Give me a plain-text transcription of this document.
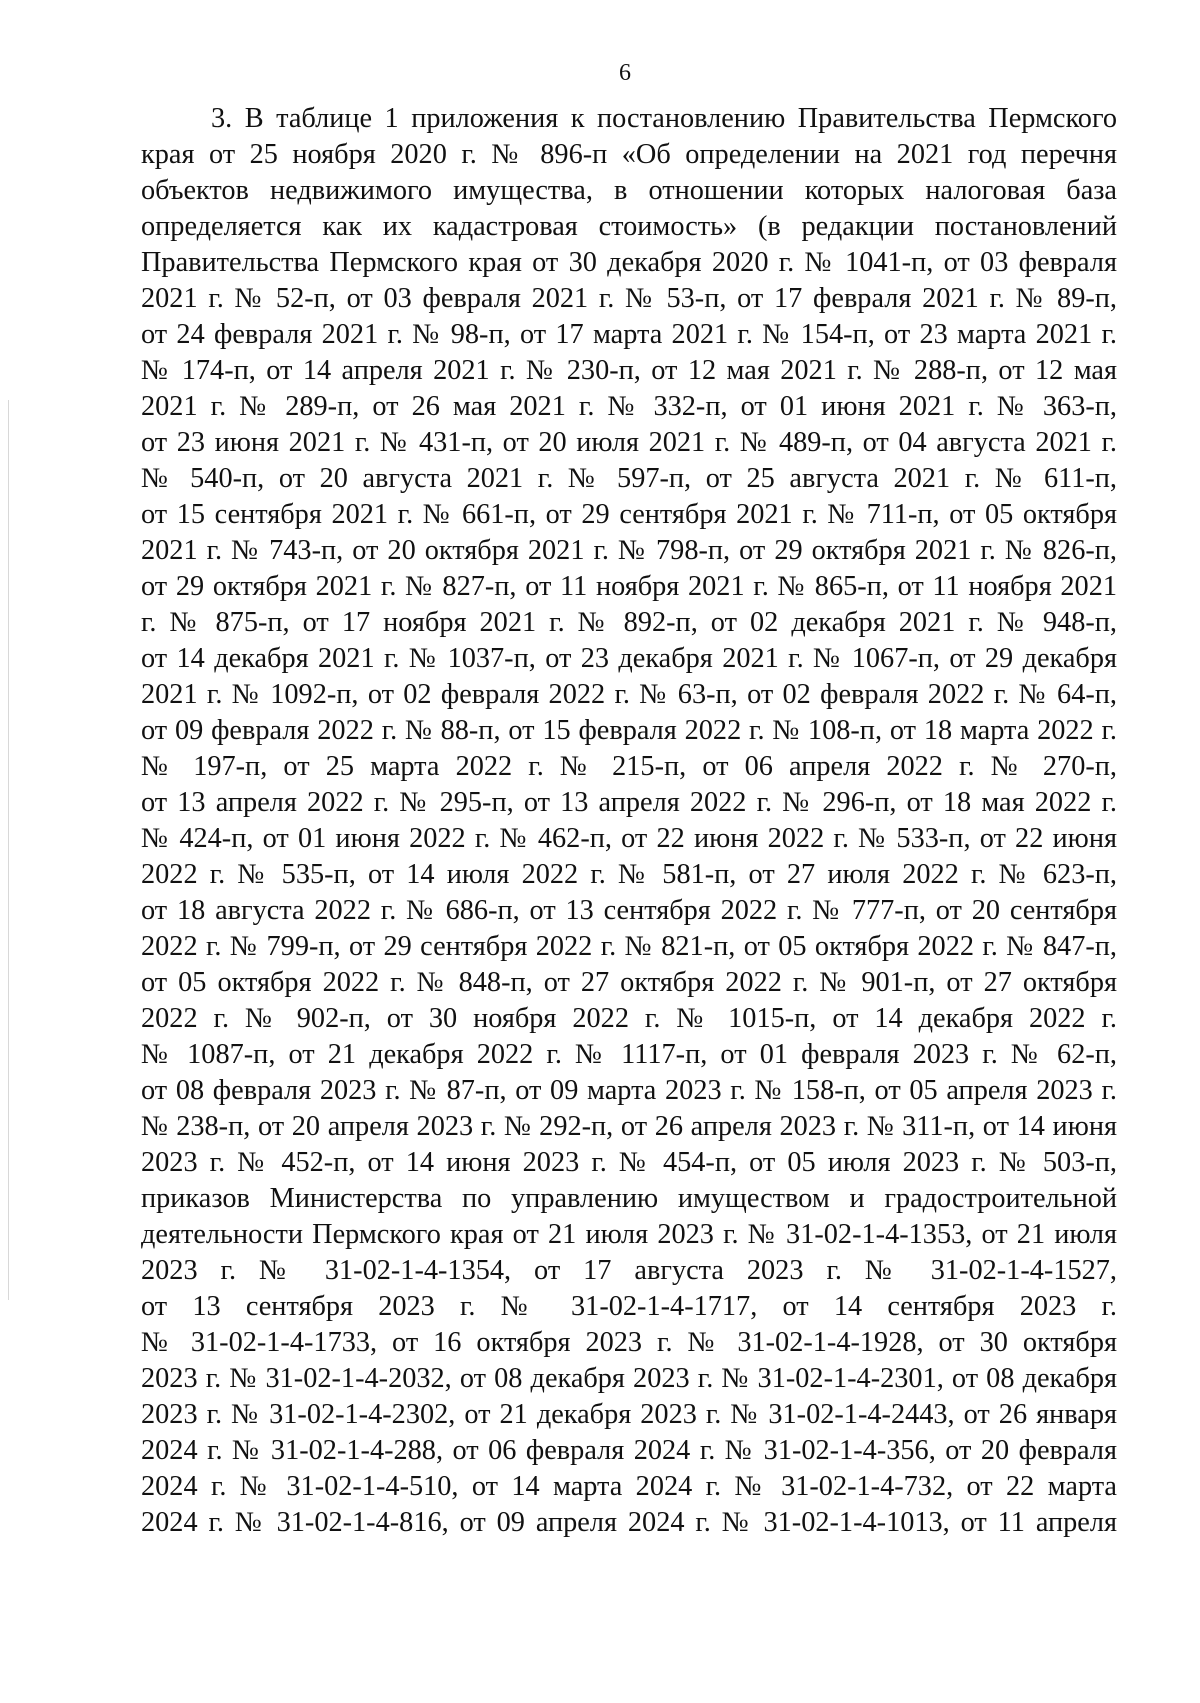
6
3. В таблице 1 приложения к постановлению Правительства Пермского
края от 25 ноября 2020 г. № 896-п «Об определении на 2021 год перечня
объектов недвижимого имущества, в отношении которых налоговая база
определяется как их кадастровая стоимость» (в редакции постановлений
Правительства Пермского края от 30 декабря 2020 г. № 1041-п, от 03 февраля
2021 г. № 52-п, от 03 февраля 2021 г. № 53-п, от 17 февраля 2021 г. № 89-п,
от 24 февраля 2021 г. № 98-п, от 17 марта 2021 г. № 154-п, от 23 марта 2021 г.
№ 174-п, от 14 апреля 2021 г. № 230-п, от 12 мая 2021 г. № 288-п, от 12 мая
2021 г. № 289-п, от 26 мая 2021 г. № 332-п, от 01 июня 2021 г. № 363-п,
от 23 июня 2021 г. № 431-п, от 20 июля 2021 г. № 489-п, от 04 августа 2021 г.
№ 540-п, от 20 августа 2021 г. № 597-п, от 25 августа 2021 г. № 611-п,
от 15 сентября 2021 г. № 661-п, от 29 сентября 2021 г. № 711-п, от 05 октября
2021 г. № 743-п, от 20 октября 2021 г. № 798-п, от 29 октября 2021 г. № 826-п,
от 29 октября 2021 г. № 827-п, от 11 ноября 2021 г. № 865-п, от 11 ноября 2021
г. № 875-п, от 17 ноября 2021 г. № 892-п, от 02 декабря 2021 г. № 948-п,
от 14 декабря 2021 г. № 1037-п, от 23 декабря 2021 г. № 1067-п, от 29 декабря
2021 г. № 1092-п, от 02 февраля 2022 г. № 63-п, от 02 февраля 2022 г. № 64-п,
от 09 февраля 2022 г. № 88-п, от 15 февраля 2022 г. № 108-п, от 18 марта 2022 г.
№ 197-п, от 25 марта 2022 г. № 215-п, от 06 апреля 2022 г. № 270-п,
от 13 апреля 2022 г. № 295-п, от 13 апреля 2022 г. № 296-п, от 18 мая 2022 г.
№ 424-п, от 01 июня 2022 г. № 462-п, от 22 июня 2022 г. № 533-п, от 22 июня
2022 г. № 535-п, от 14 июля 2022 г. № 581-п, от 27 июля 2022 г. № 623-п,
от 18 августа 2022 г. № 686-п, от 13 сентября 2022 г. № 777-п, от 20 сентября
2022 г. № 799-п, от 29 сентября 2022 г. № 821-п, от 05 октября 2022 г. № 847-п,
от 05 октября 2022 г. № 848-п, от 27 октября 2022 г. № 901-п, от 27 октября
2022 г. № 902-п, от 30 ноября 2022 г. № 1015-п, от 14 декабря 2022 г.
№ 1087-п, от 21 декабря 2022 г. № 1117-п, от 01 февраля 2023 г. № 62-п,
от 08 февраля 2023 г. № 87-п, от 09 марта 2023 г. № 158-п, от 05 апреля 2023 г.
№ 238-п, от 20 апреля 2023 г. № 292-п, от 26 апреля 2023 г. № 311-п, от 14 июня
2023 г. № 452-п, от 14 июня 2023 г. № 454-п, от 05 июля 2023 г. № 503-п,
приказов Министерства по управлению имуществом и градостроительной
деятельности Пермского края от 21 июля 2023 г. № 31-02-1-4-1353, от 21 июля
2023 г. № 31-02-1-4-1354, от 17 августа 2023 г. № 31-02-1-4-1527,
от 13 сентября 2023 г. № 31-02-1-4-1717, от 14 сентября 2023 г.
№ 31-02-1-4-1733, от 16 октября 2023 г. № 31-02-1-4-1928, от 30 октября
2023 г. № 31-02-1-4-2032, от 08 декабря 2023 г. № 31-02-1-4-2301, от 08 декабря
2023 г. № 31-02-1-4-2302, от 21 декабря 2023 г. № 31-02-1-4-2443, от 26 января
2024 г. № 31-02-1-4-288, от 06 февраля 2024 г. № 31-02-1-4-356, от 20 февраля
2024 г. № 31-02-1-4-510, от 14 марта 2024 г. № 31-02-1-4-732, от 22 марта
2024 г. № 31-02-1-4-816, от 09 апреля 2024 г. № 31-02-1-4-1013, от 11 апреля
